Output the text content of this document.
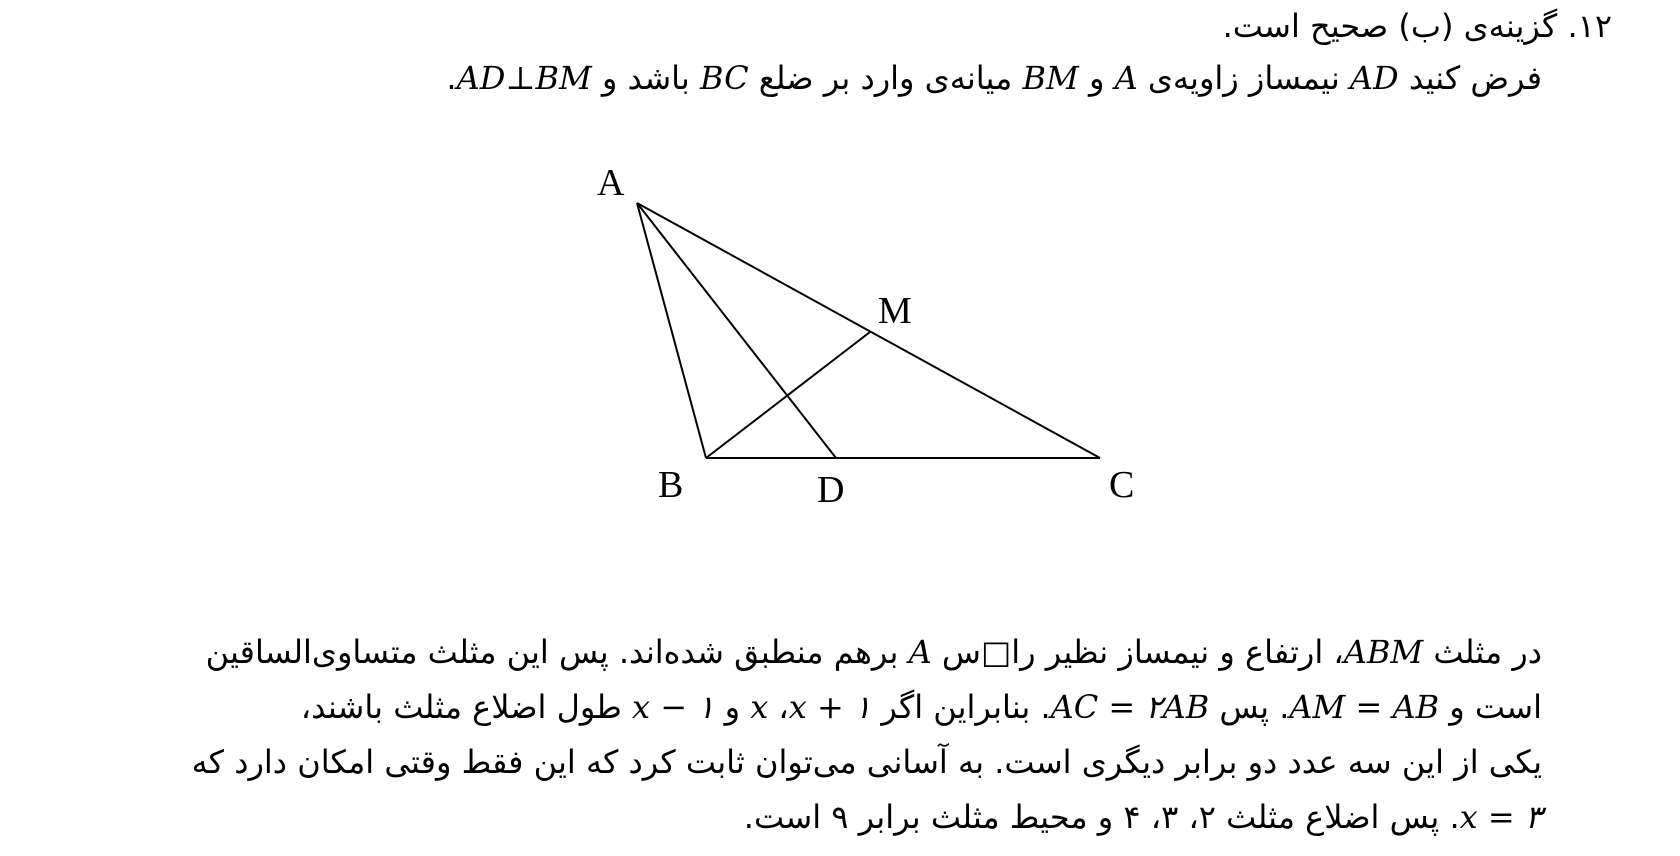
۱۲. گزینه‌ی (ب) صحیح است.
فرض کنید AD نیمساز زاویه‌ی A و BM میانه‌ی وارد بر ضلع BC باشد و AD⊥BM.
A
B	D	C
M
در مثلث ABM، ارتفاع و نیمساز نظیر را□س A برهم منطبق شده‌اند. پس این مثلث متساوی‌الساقین
است و AM = AB. پس AC = ۲AB. بنابراین اگر x + ۱، x و x − ۱ طول اضلاع مثلث باشند،
یکی از این سه عدد دو برابر دیگری است. به آسانی می‌توان ثابت کرد که این فقط وقتی امکان دارد که
x = ۳. پس اضلاع مثلث ۲، ۳، ۴ و محیط مثلث برابر ۹ است.
